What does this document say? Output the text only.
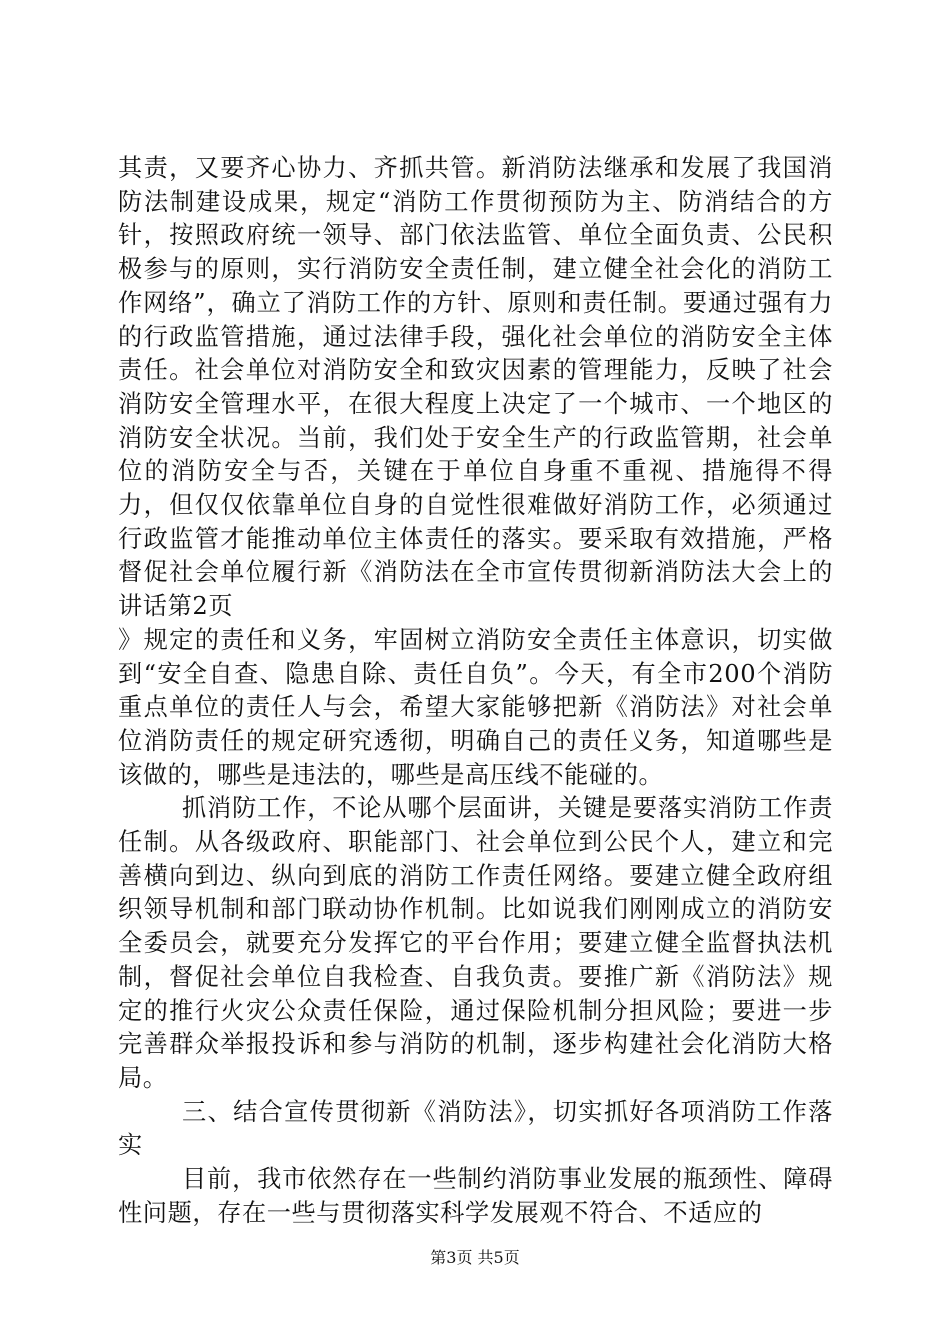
其责，又要齐心协力、齐抓共管。新消防法继承和发展了我国消防法制建设成果，规定“消防工作贯彻预防为主、防消结合的方针，按照政府统一领导、部门依法监管、单位全面负责、公民积极参与的原则，实行消防安全责任制，建立健全社会化的消防工作网络”，确立了消防工作的方针、原则和责任制。要通过强有力的行政监管措施，通过法律手段，强化社会单位的消防安全主体责任。社会单位对消防安全和致灾因素的管理能力，反映了社会消防安全管理水平，在很大程度上决定了一个城市、一个地区的消防安全状况。当前，我们处于安全生产的行政监管期，社会单位的消防安全与否，关键在于单位自身重不重视、措施得不得力，但仅仅依靠单位自身的自觉性很难做好消防工作，必须通过行政监管才能推动单位主体责任的落实。要采取有效措施，严格督促社会单位履行新《消防法在全市宣传贯彻新消防法大会上的讲话第2页

》规定的责任和义务，牢固树立消防安全责任主体意识，切实做到“安全自查、隐患自除、责任自负”。今天，有全市200个消防重点单位的责任人与会，希望大家能够把新《消防法》对社会单位消防责任的规定研究透彻，明确自己的责任义务，知道哪些是该做的，哪些是违法的，哪些是高压线不能碰的。

抓消防工作，不论从哪个层面讲，关键是要落实消防工作责任制。从各级政府、职能部门、社会单位到公民个人，建立和完善横向到边、纵向到底的消防工作责任网络。要建立健全政府组织领导机制和部门联动协作机制。比如说我们刚刚成立的消防安全委员会，就要充分发挥它的平台作用；要建立健全监督执法机制，督促社会单位自我检查、自我负责。要推广新《消防法》规定的推行火灾公众责任保险，通过保险机制分担风险；要进一步完善群众举报投诉和参与消防的机制，逐步构建社会化消防大格局。

三、结合宣传贯彻新《消防法》，切实抓好各项消防工作落实

目前，我市依然存在一些制约消防事业发展的瓶颈性、障碍性问题，存在一些与贯彻落实科学发展观不符合、不适应的

第3页 共5页
